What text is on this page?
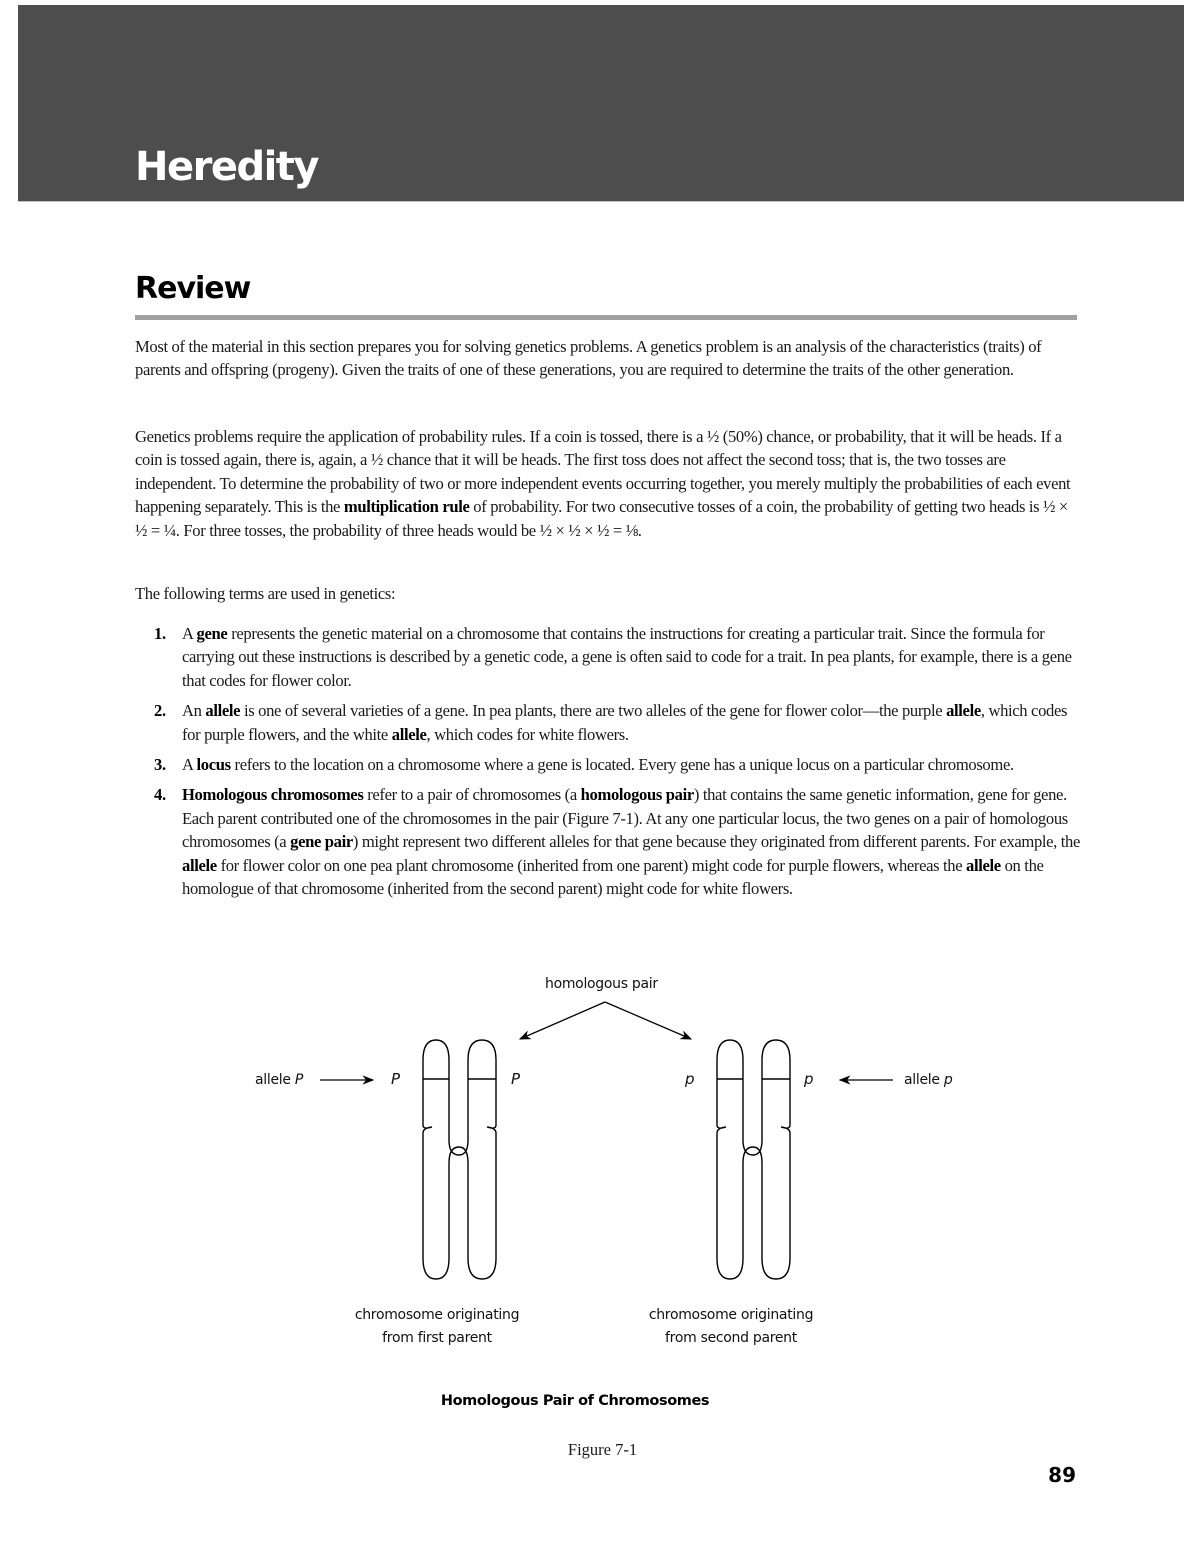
Heredity
Review

Most of the material in this section prepares you for solving genetics problems. A genetics problem is an analysis of the characteristics (traits) of parents and offspring (progeny). Given the traits of one of these generations, you are required to determine the traits of the other generation.

Genetics problems require the application of probability rules. If a coin is tossed, there is a ½ (50%) chance, or probability, that it will be heads. If a coin is tossed again, there is, again, a ½ chance that it will be heads. The first toss does not affect the second toss; that is, the two tosses are independent. To determine the probability of two or more independent events occurring together, you merely multiply the probabilities of each event happening separately. This is the multiplication rule of probability. For two consecutive tosses of a coin, the probability of getting two heads is ½ × ½ = ¼. For three tosses, the probability of three heads would be ½ × ½ × ½ = ⅛.

The following terms are used in genetics:

1. A gene represents the genetic material on a chromosome that contains the instructions for creating a particular trait. Since the formula for carrying out these instructions is described by a genetic code, a gene is often said to code for a trait. In pea plants, for example, there is a gene that codes for flower color.
2. An allele is one of several varieties of a gene. In pea plants, there are two alleles of the gene for flower color—the purple allele, which codes for purple flowers, and the white allele, which codes for white flowers.
3. A locus refers to the location on a chromosome where a gene is located. Every gene has a unique locus on a particular chromosome.
4. Homologous chromosomes refer to a pair of chromosomes (a homologous pair) that contains the same genetic information, gene for gene. Each parent contributed one of the chromosomes in the pair (Figure 7-1). At any one particular locus, the two genes on a pair of homologous chromosomes (a gene pair) might represent two different alleles for that gene because they originated from different parents. For example, the allele for flower color on one pea plant chromosome (inherited from one parent) might code for purple flowers, whereas the allele on the homologue of that chromosome (inherited from the second parent) might code for white flowers.
homologous pair
allele P	allele p
P	P	p	p
chromosome originating
from first parent
chromosome originating
from second parent
Homologous Pair of Chromosomes
Figure 7-1
89
